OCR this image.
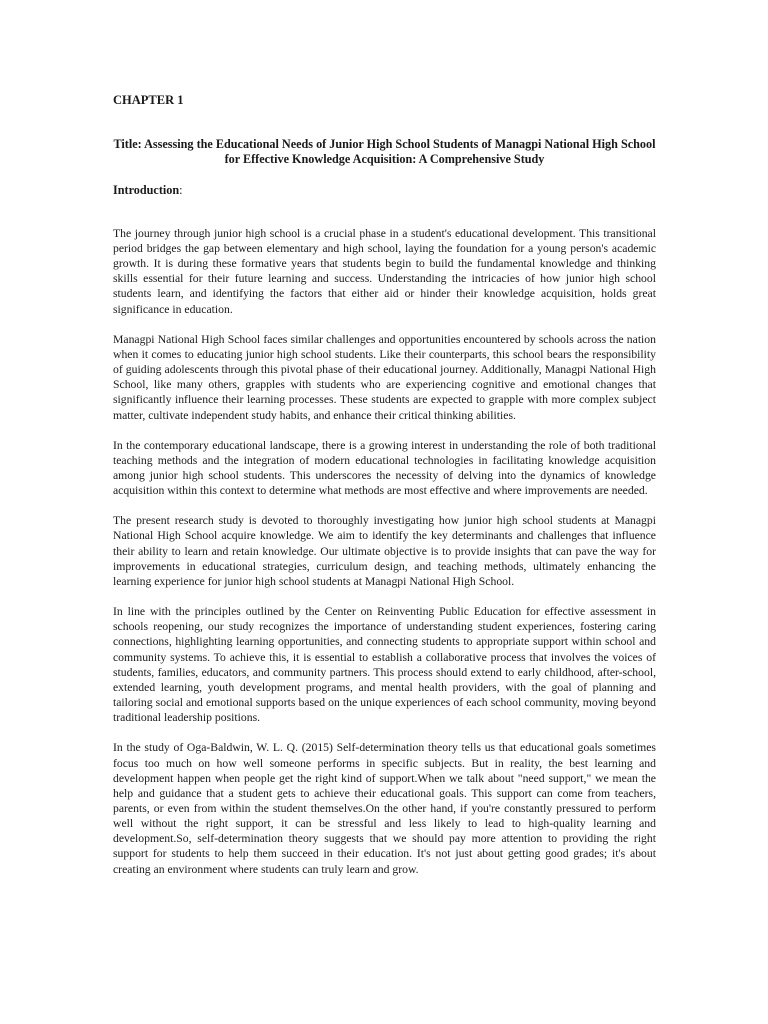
CHAPTER 1

Title: Assessing the Educational Needs of Junior High School Students of Managpi National High School for Effective Knowledge Acquisition: A Comprehensive Study

Introduction:

The journey through junior high school is a crucial phase in a student's educational development. This transitional period bridges the gap between elementary and high school, laying the foundation for a young person's academic growth. It is during these formative years that students begin to build the fundamental knowledge and thinking skills essential for their future learning and success. Understanding the intricacies of how junior high school students learn, and identifying the factors that either aid or hinder their knowledge acquisition, holds great significance in education.

Managpi National High School faces similar challenges and opportunities encountered by schools across the nation when it comes to educating junior high school students. Like their counterparts, this school bears the responsibility of guiding adolescents through this pivotal phase of their educational journey. Additionally, Managpi National High School, like many others, grapples with students who are experiencing cognitive and emotional changes that significantly influence their learning processes. These students are expected to grapple with more complex subject matter, cultivate independent study habits, and enhance their critical thinking abilities.

In the contemporary educational landscape, there is a growing interest in understanding the role of both traditional teaching methods and the integration of modern educational technologies in facilitating knowledge acquisition among junior high school students. This underscores the necessity of delving into the dynamics of knowledge acquisition within this context to determine what methods are most effective and where improvements are needed.

The present research study is devoted to thoroughly investigating how junior high school students at Managpi National High School acquire knowledge. We aim to identify the key determinants and challenges that influence their ability to learn and retain knowledge. Our ultimate objective is to provide insights that can pave the way for improvements in educational strategies, curriculum design, and teaching methods, ultimately enhancing the learning experience for junior high school students at Managpi National High School.

In line with the principles outlined by the Center on Reinventing Public Education for effective assessment in schools reopening, our study recognizes the importance of understanding student experiences, fostering caring connections, highlighting learning opportunities, and connecting students to appropriate support within school and community systems. To achieve this, it is essential to establish a collaborative process that involves the voices of students, families, educators, and community partners. This process should extend to early childhood, after-school, extended learning, youth development programs, and mental health providers, with the goal of planning and tailoring social and emotional supports based on the unique experiences of each school community, moving beyond traditional leadership positions.

In the study of Oga-Baldwin, W. L. Q. (2015) Self-determination theory tells us that educational goals sometimes focus too much on how well someone performs in specific subjects. But in reality, the best learning and development happen when people get the right kind of support.When we talk about "need support," we mean the help and guidance that a student gets to achieve their educational goals. This support can come from teachers, parents, or even from within the student themselves.On the other hand, if you're constantly pressured to perform well without the right support, it can be stressful and less likely to lead to high-quality learning and development.So, self-determination theory suggests that we should pay more attention to providing the right support for students to help them succeed in their education. It's not just about getting good grades; it's about creating an environment where students can truly learn and grow.
